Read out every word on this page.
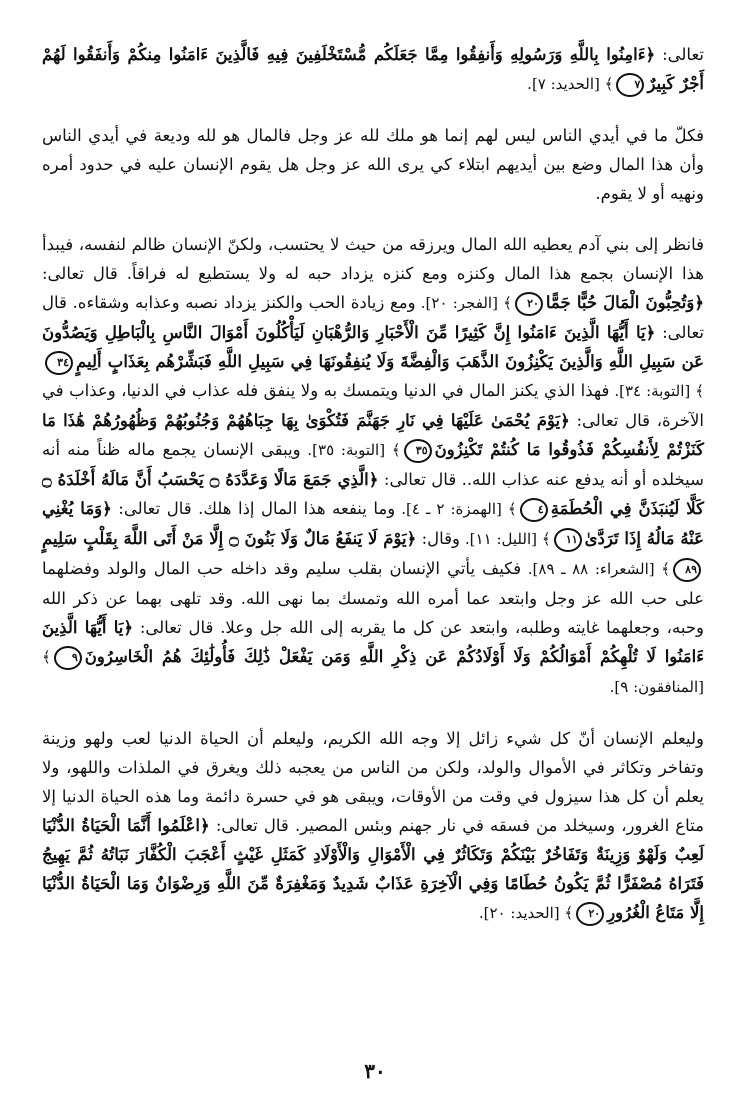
تعالى: ﴿ءَامِنُوا بِاللَّهِ وَرَسُولِهِ وَأَنفِقُوا مِمَّا جَعَلَكُم مُّسْتَخْلَفِينَ فِيهِ فَالَّذِينَ ءَامَنُوا مِنكُمْ وَأَنفَقُوا لَهُمْ أَجْرٌ كَبِيرٌ٧﴾ [الحديد: ٧].

فكلّ ما في أيدي الناس ليس لهم إنما هو ملك لله عز وجل فالمال هو لله وديعة في أيدي الناس وأن هذا المال وضع بين أيديهم ابتلاء كي يرى الله عز وجل هل يقوم الإنسان عليه في حدود أمره ونهيه أو لا يقوم.

فانظر إلى بني آدم يعطيه الله المال ويرزقه من حيث لا يحتسب، ولكنّ الإنسان ظالم لنفسه، فيبدأ هذا الإنسان بجمع هذا المال وكنزه ومع كنزه يزداد حبه له ولا يستطيع له فراقاً. قال تعالى: ﴿وَتُحِبُّونَ الْمَالَ حُبًّا جَمًّا٢٠﴾ [الفجر: ٢٠]. ومع زيادة الحب والكنز يزداد نصبه وعذابه وشقاءه. قال تعالى: ﴿يَا أَيُّهَا الَّذِينَ ءَامَنُوا إِنَّ كَثِيرًا مِّنَ الْأَحْبَارِ وَالرُّهْبَانِ لَيَأْكُلُونَ أَمْوَالَ النَّاسِ بِالْبَاطِلِ وَيَصُدُّونَ عَن سَبِيلِ اللَّهِ وَالَّذِينَ يَكْنِزُونَ الذَّهَبَ وَالْفِضَّةَ وَلَا يُنفِقُونَهَا فِي سَبِيلِ اللَّهِ فَبَشِّرْهُم بِعَذَابٍ أَلِيمٍ٣٤﴾ [التوبة: ٣٤]. فهذا الذي يكنز المال في الدنيا ويتمسك به ولا ينفق فله عذاب في الدنيا، وعذاب في الآخرة، قال تعالى: ﴿يَوْمَ يُحْمَىٰ عَلَيْهَا فِي نَارِ جَهَنَّمَ فَتُكْوَىٰ بِهَا جِبَاهُهُمْ وَجُنُوبُهُمْ وَظُهُورُهُمْ هَٰذَا مَا كَنَزْتُمْ لِأَنفُسِكُمْ فَذُوقُوا مَا كُنتُمْ تَكْنِزُونَ٣٥﴾ [التوبة: ٣٥]. ويبقى الإنسان يجمع ماله ظناً منه أنه سيخلده أو أنه يدفع عنه عذاب الله.. قال تعالى: ﴿الَّذِي جَمَعَ مَالًا وَعَدَّدَهُ ۝ يَحْسَبُ أَنَّ مَالَهُ أَخْلَدَهُ ۝ كَلَّا لَيُنبَذَنَّ فِي الْحُطَمَةِ٤﴾ [الهمزة: ٢ ـ ٤]. وما ينفعه هذا المال إذا هلك. قال تعالى: ﴿وَمَا يُغْنِي عَنْهُ مَالُهُ إِذَا تَرَدَّىٰ١١﴾ [الليل: ١١]. وقال: ﴿يَوْمَ لَا يَنفَعُ مَالٌ وَلَا بَنُونَ ۝ إِلَّا مَنْ أَتَى اللَّهَ بِقَلْبٍ سَلِيمٍ٨٩﴾ [الشعراء: ٨٨ ـ ٨٩]. فكيف يأتي الإنسان بقلب سليم وقد داخله حب المال والولد وفضلهما على حب الله عز وجل وابتعد عما أمره الله وتمسك بما نهى الله. وقد تلهى بهما عن ذكر الله وحبه، وجعلهما غايته وطلبه، وابتعد عن كل ما يقربه إلى الله جل وعلا. قال تعالى: ﴿يَا أَيُّهَا الَّذِينَ ءَامَنُوا لَا تُلْهِكُمْ أَمْوَالُكُمْ وَلَا أَوْلَادُكُمْ عَن ذِكْرِ اللَّهِ وَمَن يَفْعَلْ ذَٰلِكَ فَأُولَٰئِكَ هُمُ الْخَاسِرُونَ٩﴾ [المنافقون: ٩].

وليعلم الإنسان أنّ كل شيء زائل إلا وجه الله الكريم، وليعلم أن الحياة الدنيا لعب ولهو وزينة وتفاخر وتكاثر في الأموال والولد، ولكن من الناس من يعجبه ذلك ويغرق في الملذات واللهو، ولا يعلم أن كل هذا سيزول في وقت من الأوقات، ويبقى هو في حسرة دائمة وما هذه الحياة الدنيا إلا متاع الغرور، وسيخلد من فسقه في نار جهنم وبئس المصير. قال تعالى: ﴿اعْلَمُوا أَنَّمَا الْحَيَاةُ الدُّنْيَا لَعِبٌ وَلَهْوٌ وَزِينَةٌ وَتَفَاخُرٌ بَيْنَكُمْ وَتَكَاثُرٌ فِي الْأَمْوَالِ وَالْأَوْلَادِ كَمَثَلِ غَيْثٍ أَعْجَبَ الْكُفَّارَ نَبَاتُهُ ثُمَّ يَهِيجُ فَتَرَاهُ مُصْفَرًّا ثُمَّ يَكُونُ حُطَامًا وَفِي الْآخِرَةِ عَذَابٌ شَدِيدٌ وَمَغْفِرَةٌ مِّنَ اللَّهِ وَرِضْوَانٌ وَمَا الْحَيَاةُ الدُّنْيَا إِلَّا مَتَاعُ الْغُرُورِ٢٠﴾ [الحديد: ٢٠].

٣٠
